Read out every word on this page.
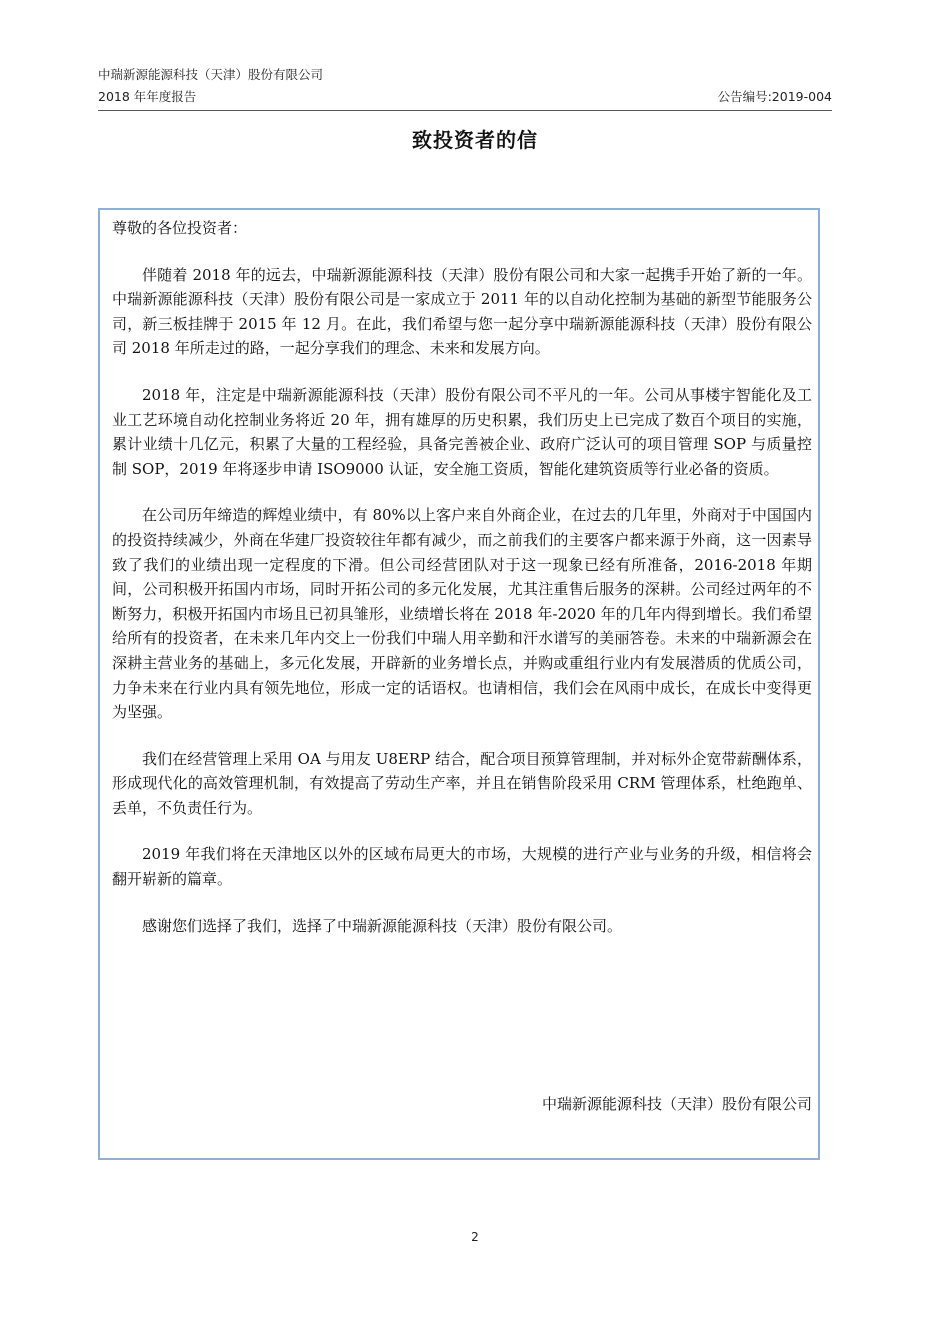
中瑞新源能源科技（天津）股份有限公司
2018 年年度报告	公告编号:2019-004
致投资者的信

尊敬的各位投资者：

伴随着 2018 年的远去，中瑞新源能源科技（天津）股份有限公司和大家一起携手开始了新的一年。中瑞新源能源科技（天津）股份有限公司是一家成立于 2011 年的以自动化控制为基础的新型节能服务公司，新三板挂牌于 2015 年 12 月。在此，我们希望与您一起分享中瑞新源能源科技（天津）股份有限公司 2018 年所走过的路，一起分享我们的理念、未来和发展方向。

2018 年，注定是中瑞新源能源科技（天津）股份有限公司不平凡的一年。公司从事楼宇智能化及工业工艺环境自动化控制业务将近 20 年，拥有雄厚的历史积累，我们历史上已完成了数百个项目的实施，累计业绩十几亿元，积累了大量的工程经验，具备完善被企业、政府广泛认可的项目管理 SOP 与质量控制 SOP，2019 年将逐步申请 ISO9000 认证，安全施工资质，智能化建筑资质等行业必备的资质。

在公司历年缔造的辉煌业绩中，有 80%以上客户来自外商企业，在过去的几年里，外商对于中国国内的投资持续减少，外商在华建厂投资较往年都有减少，而之前我们的主要客户都来源于外商，这一因素导致了我们的业绩出现一定程度的下滑。但公司经营团队对于这一现象已经有所准备，2016-2018 年期间，公司积极开拓国内市场，同时开拓公司的多元化发展，尤其注重售后服务的深耕。公司经过两年的不断努力，积极开拓国内市场且已初具雏形，业绩增长将在 2018 年-2020 年的几年内得到增长。我们希望给所有的投资者，在未来几年内交上一份我们中瑞人用辛勤和汗水谱写的美丽答卷。未来的中瑞新源会在深耕主营业务的基础上，多元化发展，开辟新的业务增长点，并购或重组行业内有发展潜质的优质公司，力争未来在行业内具有领先地位，形成一定的话语权。也请相信，我们会在风雨中成长，在成长中变得更为坚强。

我们在经营管理上采用 OA 与用友 U8ERP 结合，配合项目预算管理制，并对标外企宽带薪酬体系，形成现代化的高效管理机制，有效提高了劳动生产率，并且在销售阶段采用 CRM 管理体系，杜绝跑单、丢单，不负责任行为。

2019 年我们将在天津地区以外的区域布局更大的市场，大规模的进行产业与业务的升级，相信将会翻开崭新的篇章。

感谢您们选择了我们，选择了中瑞新源能源科技（天津）股份有限公司。

中瑞新源能源科技（天津）股份有限公司
2
